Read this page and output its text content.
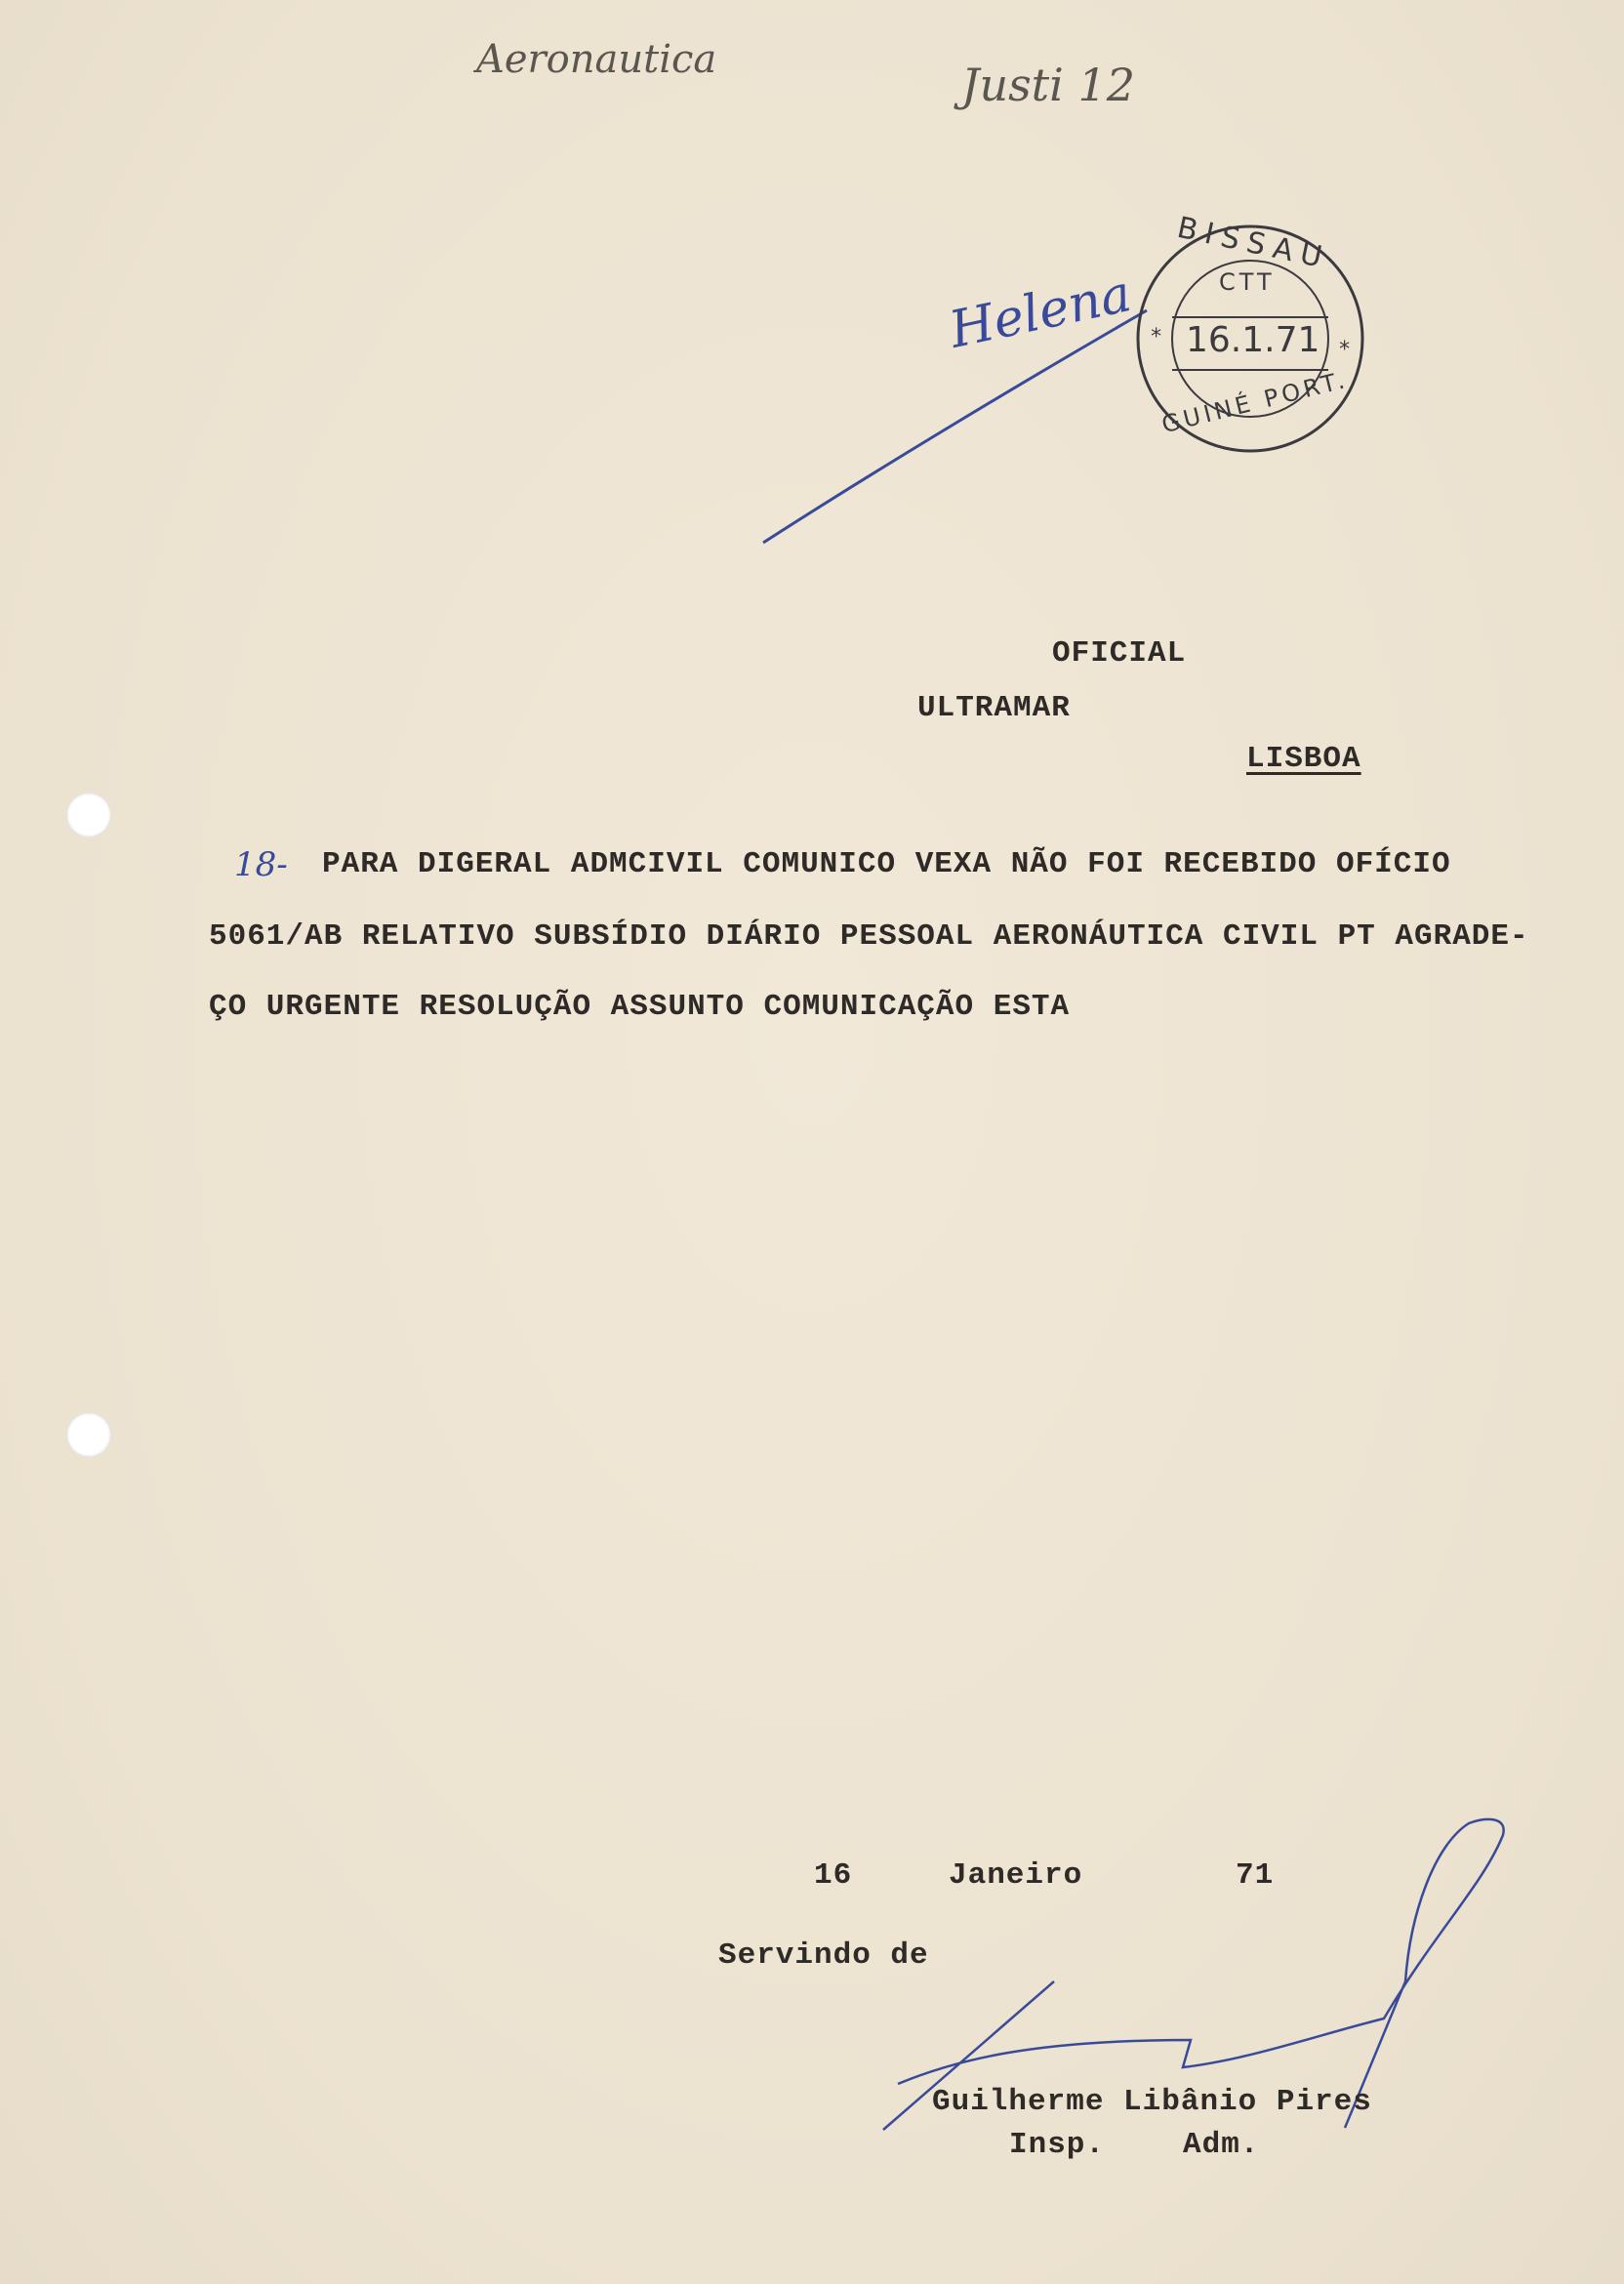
Aeronautica	Justi 12
Helena *
*
BISSAU
CTT
16.1.71
GUINÉ PORT.
OFICIAL
ULTRAMAR
LISBOA
18- PARA DIGERAL ADMCIVIL COMUNICO VEXA NÃO FOI RECEBIDO OFÍCIO
5061/AB RELATIVO SUBSÍDIO DIÁRIO PESSOAL AERONÁUTICA CIVIL PT AGRADE-
ÇO URGENTE RESOLUÇÃO ASSUNTO COMUNICAÇÃO ESTA
16	Janeiro	71
Servindo de
Guilherme Libânio Pires
Insp.	Adm.
